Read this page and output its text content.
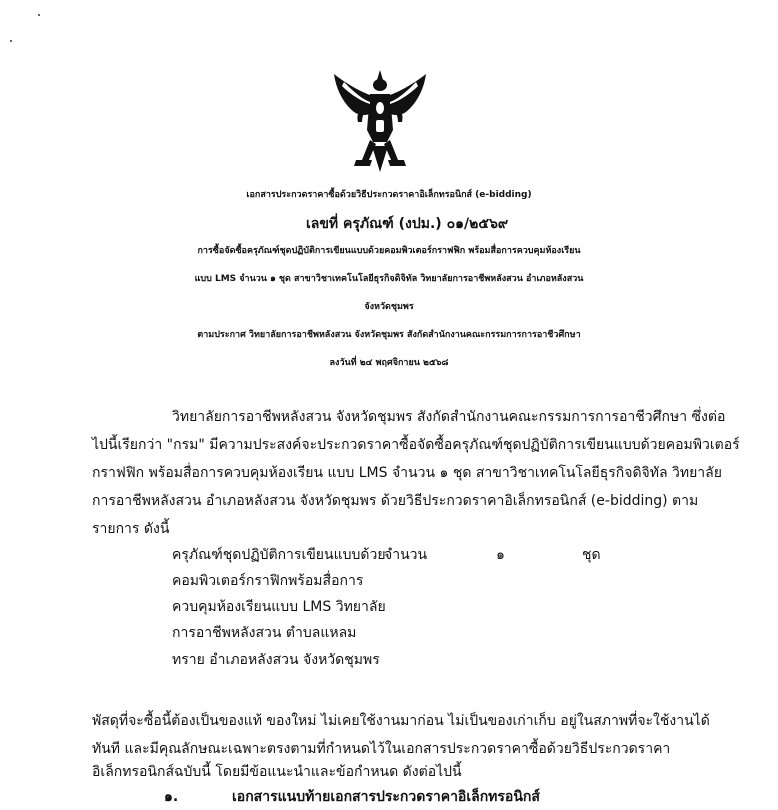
เอกสารประกวดราคาซื้อด้วยวิธีประกวดราคาอิเล็กทรอนิกส์ (e-bidding)
เลขที่ ครุภัณฑ์ (งปม.) ๐๑/๒๕๖๙
การซื้อจัดซื้อครุภัณฑ์ชุดปฏิบัติการเขียนแบบด้วยคอมพิวเตอร์กราฟฟิก พร้อมสื่อการควบคุมห้องเรียน
แบบ LMS จำนวน ๑ ชุด สาขาวิชาเทคโนโลยีธุรกิจดิจิทัล วิทยาลัยการอาชีพหลังสวน อำเภอหลังสวน
จังหวัดชุมพร
ตามประกาศ วิทยาลัยการอาชีพหลังสวน จังหวัดชุมพร สังกัดสำนักงานคณะกรรมการการอาชีวศึกษา
ลงวันที่ ๒๔ พฤศจิกายน ๒๕๖๘
วิทยาลัยการอาชีพหลังสวน จังหวัดชุมพร สังกัดสำนักงานคณะกรรมการการอาชีวศึกษา ซึ่งต่อ
ไปนี้เรียกว่า "กรม" มีความประสงค์จะประกวดราคาซื้อจัดซื้อครุภัณฑ์ชุดปฏิบัติการเขียนแบบด้วยคอมพิวเตอร์
กราฟฟิก พร้อมสื่อการควบคุมห้องเรียน แบบ LMS จำนวน ๑ ชุด สาขาวิชาเทคโนโลยีธุรกิจดิจิทัล วิทยาลัย
การอาชีพหลังสวน อำเภอหลังสวน จังหวัดชุมพร ด้วยวิธีประกวดราคาอิเล็กทรอนิกส์ (e-bidding) ตาม
รายการ ดังนี้
ครุภัณฑ์ชุดปฏิบัติการเขียนแบบด้วย
จำนวน	๑	ชุด
คอมพิวเตอร์กราฟิกพร้อมสื่อการ
ควบคุมห้องเรียนแบบ LMS วิทยาลัย
การอาชีพหลังสวน ตำบลแหลม
ทราย อำเภอหลังสวน จังหวัดชุมพร
พัสดุที่จะซื้อนี้ต้องเป็นของแท้ ของใหม่ ไม่เคยใช้งานมาก่อน ไม่เป็นของเก่าเก็บ อยู่ในสภาพที่จะใช้งานได้
ทันที และมีคุณลักษณะเฉพาะตรงตามที่กำหนดไว้ในเอกสารประกวดราคาซื้อด้วยวิธีประกวดราคา
อิเล็กทรอนิกส์ฉบับนี้ โดยมีข้อแนะนำและข้อกำหนด ดังต่อไปนี้
๑.	เอกสารแนบท้ายเอกสารประกวดราคาอิเล็กทรอนิกส์
